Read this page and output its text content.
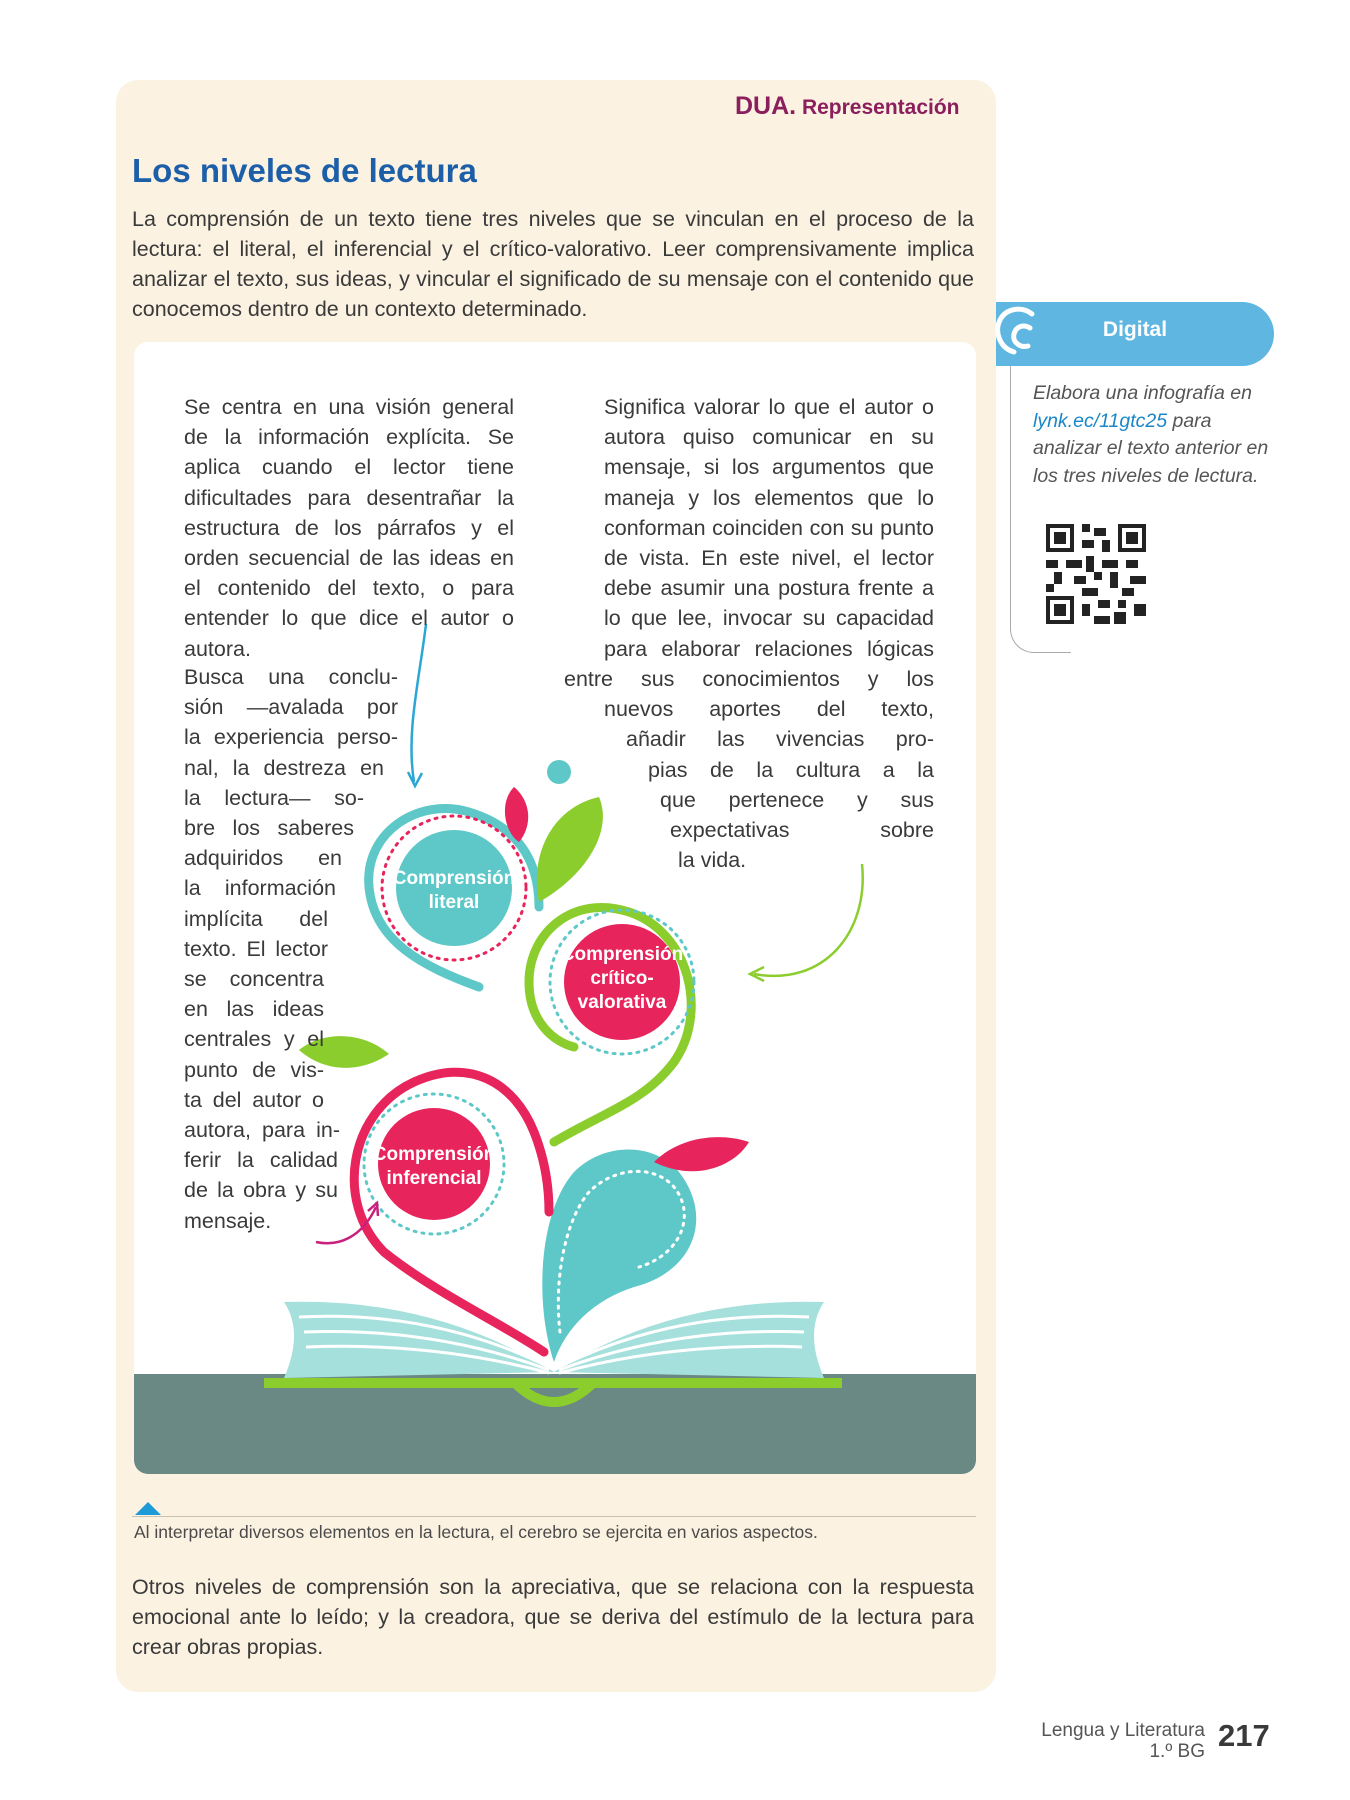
DUA. Representación
Los niveles de lectura

La comprensión de un texto tiene tres niveles que se vinculan en el proceso de la lectura: el literal, el inferencial y el crítico-valorativo. Leer comprensivamente implica analizar el texto, sus ideas, y vincular el significado de su mensaje con el contenido que conocemos dentro de un contexto determinado.

Comprensión
literal
Comprensión
crítico-
valorativa
Comprensión
inferencial

Se centra en una visión general de la información explícita. Se aplica cuando el lector tiene dificultades para desentrañar la estructura de los párrafos y el orden secuencial de las ideas en el contenido del texto, o para entender lo que dice el autor o autora.

Busca una conclu-
sión —avalada por
la experiencia perso-
nal, la destreza en
la lectura— so-
bre los saberes
adquiridos en
la información
implícita del
texto. El lector
se concentra
en las ideas
centrales y el
punto de vis-
ta del autor o
autora, para in-
ferir la calidad
de la obra y su
mensaje.

Significa valorar lo que el autor o autora quiso comunicar en su mensaje, si los argumentos que maneja y los elementos que lo conforman coinciden con su punto de vista. En este nivel, el lector debe asumir una postura frente a lo que lee, invocar su capacidad para elaborar relaciones lógicas

entre sus conocimientos y los
nuevos aportes del texto,
añadir las vivencias pro-
pias de la cultura a la
que pertenece y sus
expectativas sobre
la vida.
Al interpretar diversos elementos en la lectura, el cerebro se ejercita en varios aspectos.

Otros niveles de comprensión son la apreciativa, que se relaciona con la respuesta emocional ante lo leído; y la creadora, que se deriva del estímulo de la lectura para crear obras propias.

Digital
Elabora una infografía en lynk.ec/11gtc25 para analizar el texto anterior en los tres niveles de lectura.
Lengua y Literatura
1.º BG 217
